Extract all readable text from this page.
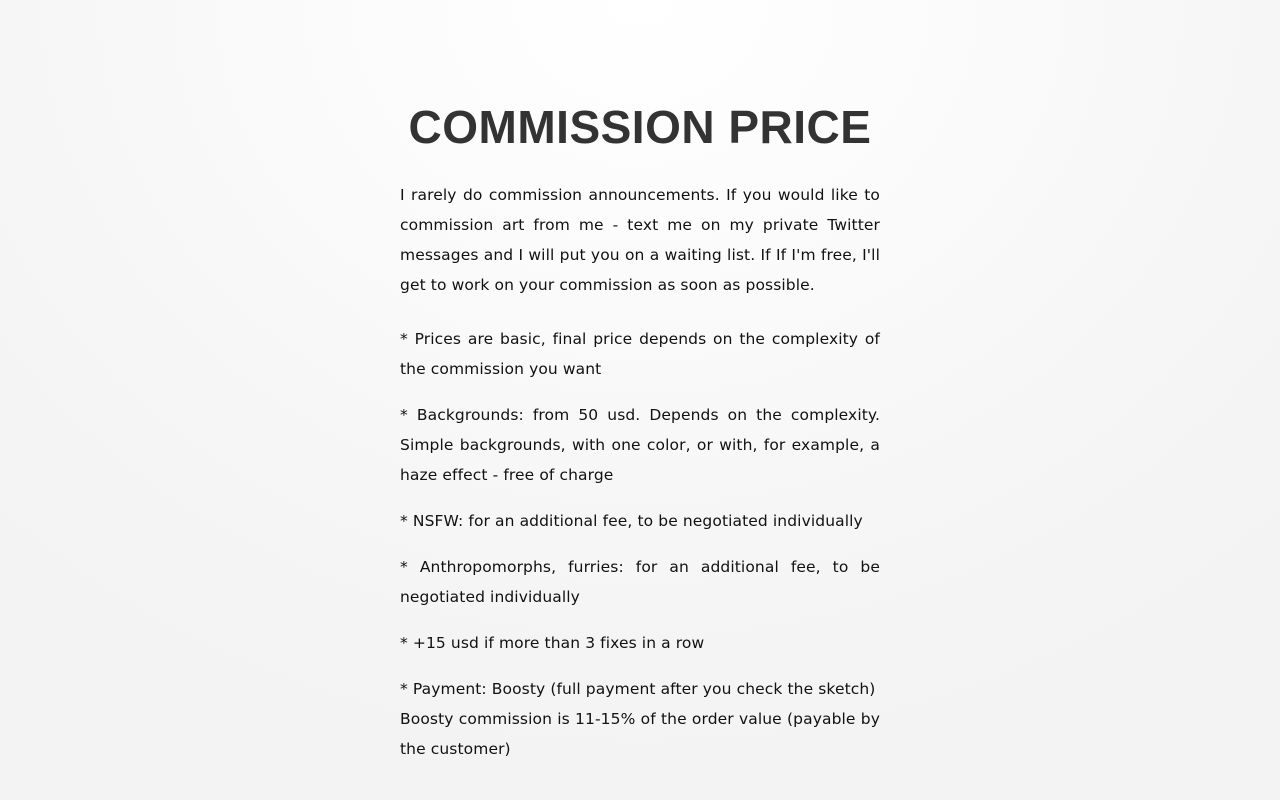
COMMISSION PRICE

I rarely do commission announcements. If you would like to commission art from me - text me on my private Twitter messages and I will put you on a waiting list. If If I'm free, I'll get to work on your commission as soon as possible.

* Prices are basic, final price depends on the complexity of the commission you want

* Backgrounds: from 50 usd. Depends on the complexity. Simple backgrounds, with one color, or with, for example, a haze effect - free of charge

* NSFW: for an additional fee, to be negotiated individually

* Anthropomorphs, furries: for an additional fee, to be negotiated individually

* +15 usd if more than 3 fixes in a row

* Payment: Boosty (full payment after you check the sketch)

Boosty commission is 11-15% of the order value (payable by the customer)
